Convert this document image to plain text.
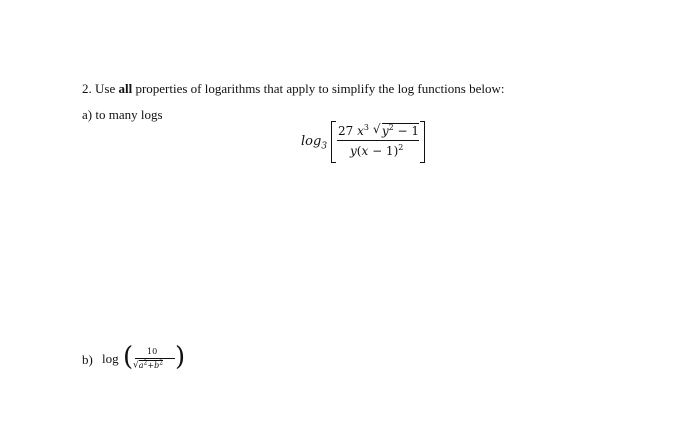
2. Use all properties of logarithms that apply to simplify the log functions below:
a) to many logs
$\log_3$
27 $x^3$ √ $y^2 - 1$
$y(x - 1)^2$
b) log ( 10
$√a^2+b^2$ )
